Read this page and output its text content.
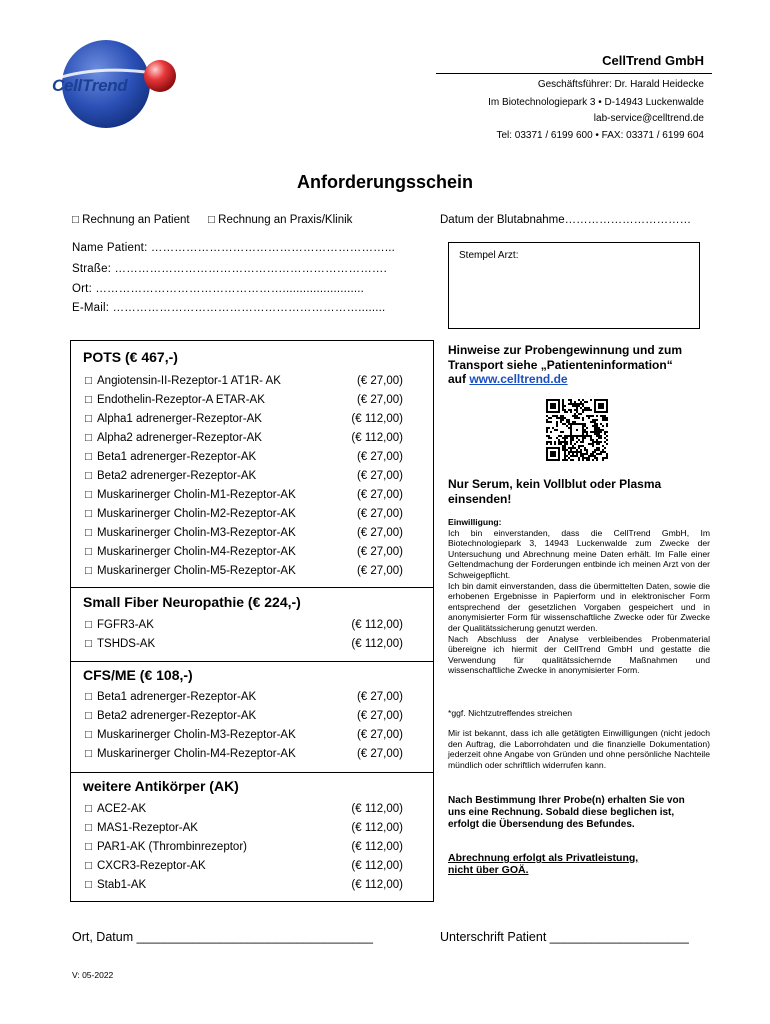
CellTrend
CellTrend GmbH
Geschäftsführer: Dr. Harald Heidecke
Im Biotechnologiepark 3 • D-14943 Luckenwalde
lab-service@celltrend.de
Tel: 03371 / 6199 600 • FAX: 03371 / 6199 604
Anforderungsschein
□ Rechnung an Patient □ Rechnung an Praxis/Klinik	Datum der Blutabnahme……………………………
Name Patient: ……………………………………………………...
Straße: …………………………………………………………….
Ort: …………………………………………........................
E-Mail: ………………………………………………………........
Stempel Arzt:
POTS (€ 467,-)
□ Angiotensin-II-Rezeptor-1 AT1R- AK	(€ 27,00)
□ Endothelin-Rezeptor-A ETAR-AK	(€ 27,00)
□ Alpha1 adrenerger-Rezeptor-AK	(€ 112,00)
□ Alpha2 adrenerger-Rezeptor-AK	(€ 112,00)
□ Beta1 adrenerger-Rezeptor-AK	(€ 27,00)
□ Beta2 adrenerger-Rezeptor-AK	(€ 27,00)
□ Muskarinerger Cholin-M1-Rezeptor-AK	(€ 27,00)
□ Muskarinerger Cholin-M2-Rezeptor-AK	(€ 27,00)
□ Muskarinerger Cholin-M3-Rezeptor-AK	(€ 27,00)
□ Muskarinerger Cholin-M4-Rezeptor-AK	(€ 27,00)
□ Muskarinerger Cholin-M5-Rezeptor-AK	(€ 27,00)
Small Fiber Neuropathie (€ 224,-)
□ FGFR3-AK	(€ 112,00)
□ TSHDS-AK	(€ 112,00)
CFS/ME (€ 108,-)
□ Beta1 adrenerger-Rezeptor-AK	(€ 27,00)
□ Beta2 adrenerger-Rezeptor-AK	(€ 27,00)
□ Muskarinerger Cholin-M3-Rezeptor-AK	(€ 27,00)
□ Muskarinerger Cholin-M4-Rezeptor-AK	(€ 27,00)
weitere Antikörper (AK)
□ ACE2-AK	(€ 112,00)
□ MAS1-Rezeptor-AK	(€ 112,00)
□ PAR1-AK (Thrombinrezeptor)	(€ 112,00)
□ CXCR3-Rezeptor-AK	(€ 112,00)
□ Stab1-AK	(€ 112,00)
Hinweise zur Probengewinnung und zum
Transport siehe „Patienteninformation“
auf www.celltrend.de
Nur Serum, kein Vollblut oder Plasma
einsenden!

Einwilligung:

Ich bin einverstanden, dass die CellTrend GmbH, Im Biotechnologiepark 3, 14943 Luckenwalde zum Zwecke der Untersuchung und Abrechnung meine Daten erhält. Im Falle einer Geltendmachung der Forderungen entbinde ich meinen Arzt von der Schweigepflicht.

Ich bin damit einverstanden, dass die übermittelten Daten, sowie die erhobenen Ergebnisse in Papierform und in elektronischer Form entsprechend der gesetzlichen Vorgaben gespeichert und in anonymisierter Form für wissenschaftliche Zwecke oder für Zwecke der Qualitätssicherung genutzt werden.

Nach Abschluss der Analyse verbleibendes Probenmaterial übereigne ich hiermit der CellTrend GmbH und gestatte die Verwendung für qualitätssichernde Maßnahmen und wissenschaftliche Zwecke in anonymisierter Form.

*ggf. Nichtzutreffendes streichen
Mir ist bekannt, dass ich alle getätigten Einwilligungen (nicht jedoch den Auftrag, die Laborrohdaten und die finanzielle Dokumentation) jederzeit ohne Angabe von Gründen und ohne persönliche Nachteile mündlich oder schriftlich widerrufen kann.
Nach Bestimmung Ihrer Probe(n) erhalten Sie von
uns eine Rechnung. Sobald diese beglichen ist,
erfolgt die Übersendung des Befundes.
Abrechnung erfolgt als Privatleistung,
nicht über GOÄ.
Ort, Datum __________________________________	Unterschrift Patient ____________________
V: 05-2022
